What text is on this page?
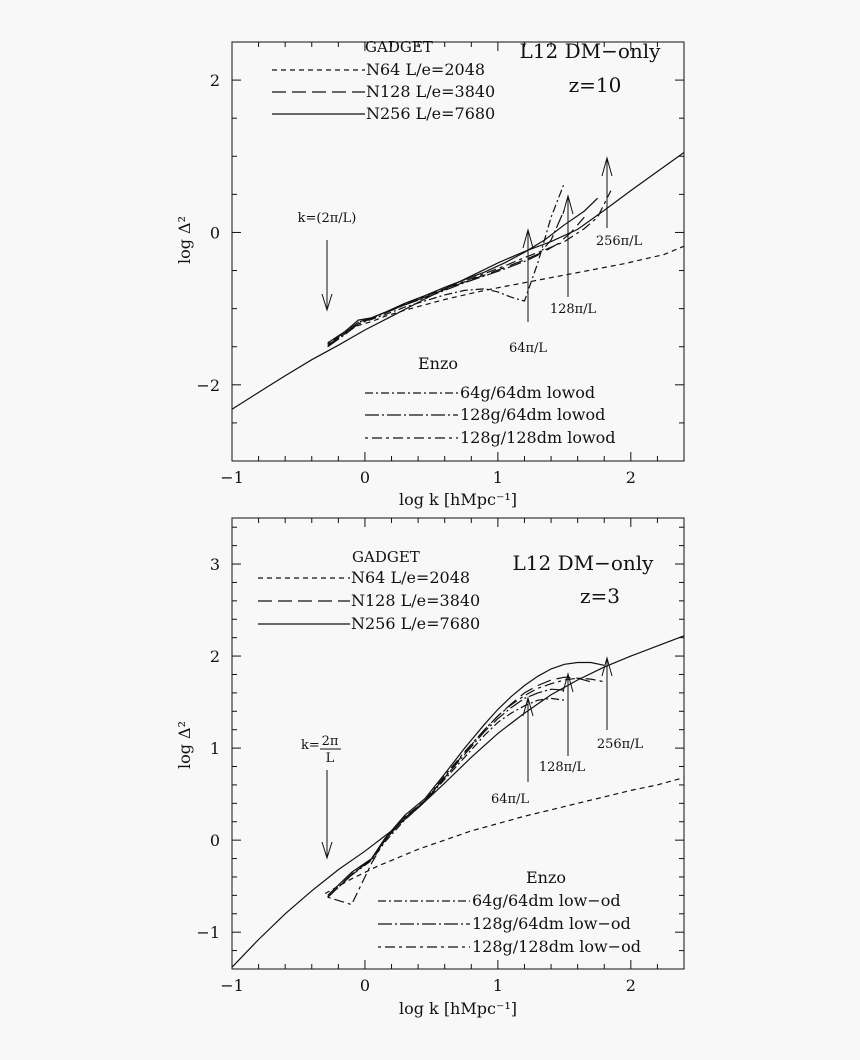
−1	0	1	2
−2
0
2
L12 DM−only
z=10
log k [hMpc⁻¹]
log Δ²
GADGET
N64 L/e=2048
N128 L/e=3840
N256 L/e=7680
Enzo
64g/64dm lowod
128g/64dm lowod
128g/128dm lowod
k=(2π/L)
64π/L
128π/L
256π/L
−1	0	1	2
−1
0
1
2
3	L12 DM−only
z=3
log k [hMpc⁻¹]
log Δ²
GADGET
N64 L/e=2048
N128 L/e=3840
N256 L/e=7680
Enzo
64g/64dm low−od
128g/64dm low−od
128g/128dm low−od
k= 2π
L
64π/L
128π/L
256π/L
